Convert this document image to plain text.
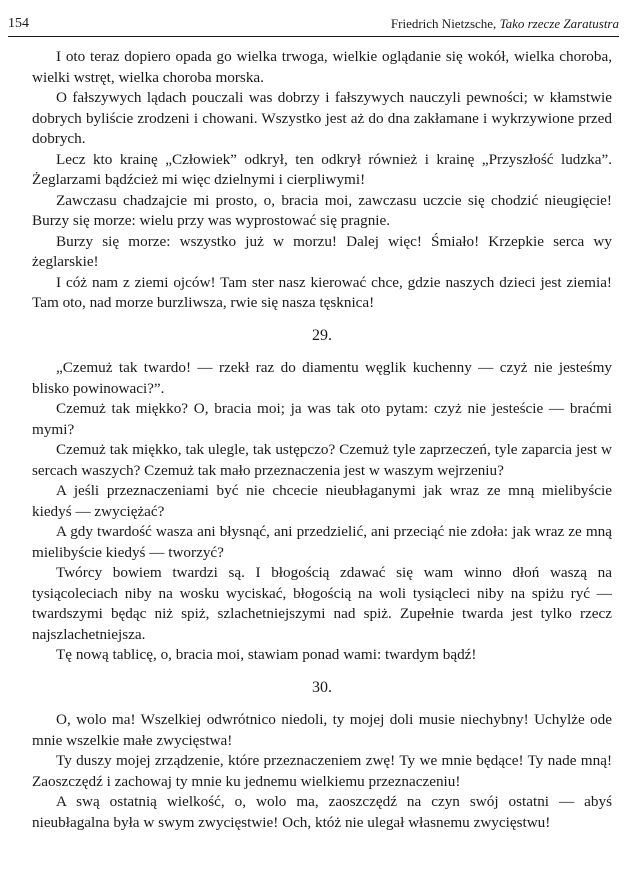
154	Friedrich Nietzsche, Tako rzecze Zaratustra

I oto teraz dopiero opada go wielka trwoga, wielkie oglądanie się wokół, wielka choroba, wielki wstręt, wielka choroba morska.

O fałszywych lądach pouczali was dobrzy i fałszywych nauczyli pewności; w kłamstwie dobrych byliście zrodzeni i chowani. Wszystko jest aż do dna zakłamane i wykrzywione przed dobrych.

Lecz kto krainę „Człowiek” odkrył, ten odkrył również i krainę „Przyszłość ludzka”. Żeglarzami bądźcież mi więc dzielnymi i cierpliwymi!

Zawczasu chadzajcie mi prosto, o, bracia moi, zawczasu uczcie się chodzić nieugięcie! Burzy się morze: wielu przy was wyprostować się pragnie.

Burzy się morze: wszystko już w morzu! Dalej więc! Śmiało! Krzepkie serca wy żeglarskie!

I cóż nam z ziemi ojców! Tam ster nasz kierować chce, gdzie naszych dzieci jest ziemia! Tam oto, nad morze burzliwsza, rwie się nasza tęsknica!

29.

„Czemuż tak twardo! — rzekł raz do diamentu węglik kuchenny — czyż nie jesteśmy blisko powinowaci?”.

Czemuż tak miękko? O, bracia moi; ja was tak oto pytam: czyż nie jesteście — braćmi mymi?

Czemuż tak miękko, tak ulegle, tak ustępczo? Czemuż tyle zaprzeczeń, tyle zaparcia jest w sercach waszych? Czemuż tak mało przeznaczenia jest w waszym wejrzeniu?

A jeśli przeznaczeniami być nie chcecie nieubłaganymi jak wraz ze mną mielibyście kiedyś — zwyciężać?

A gdy twardość wasza ani błysnąć, ani przedzielić, ani przeciąć nie zdoła: jak wraz ze mną mielibyście kiedyś — tworzyć?

Twórcy bowiem twardzi są. I błogością zdawać się wam winno dłoń waszą na tysiącoleciach niby na wosku wyciskać, błogością na woli tysiącleci niby na spiżu ryć — twardszymi będąc niż spiż, szlachetniejszymi nad spiż. Zupełnie twarda jest tylko rzecz najszlachetniejsza.

Tę nową tablicę, o, bracia moi, stawiam ponad wami: twardym bądź!

30.

O, wolo ma! Wszelkiej odwrótnico niedoli, ty mojej doli musie niechybny! Uchylże ode mnie wszelkie małe zwycięstwa!

Ty duszy mojej zrządzenie, które przeznaczeniem zwę! Ty we mnie będące! Ty nade mną! Zaoszczędź i zachowaj ty mnie ku jednemu wielkiemu przeznaczeniu!

A swą ostatnią wielkość, o, wolo ma, zaoszczędź na czyn swój ostatni — abyś nieubłagalna była w swym zwycięstwie! Och, któż nie ulegał własnemu zwycięstwu!
